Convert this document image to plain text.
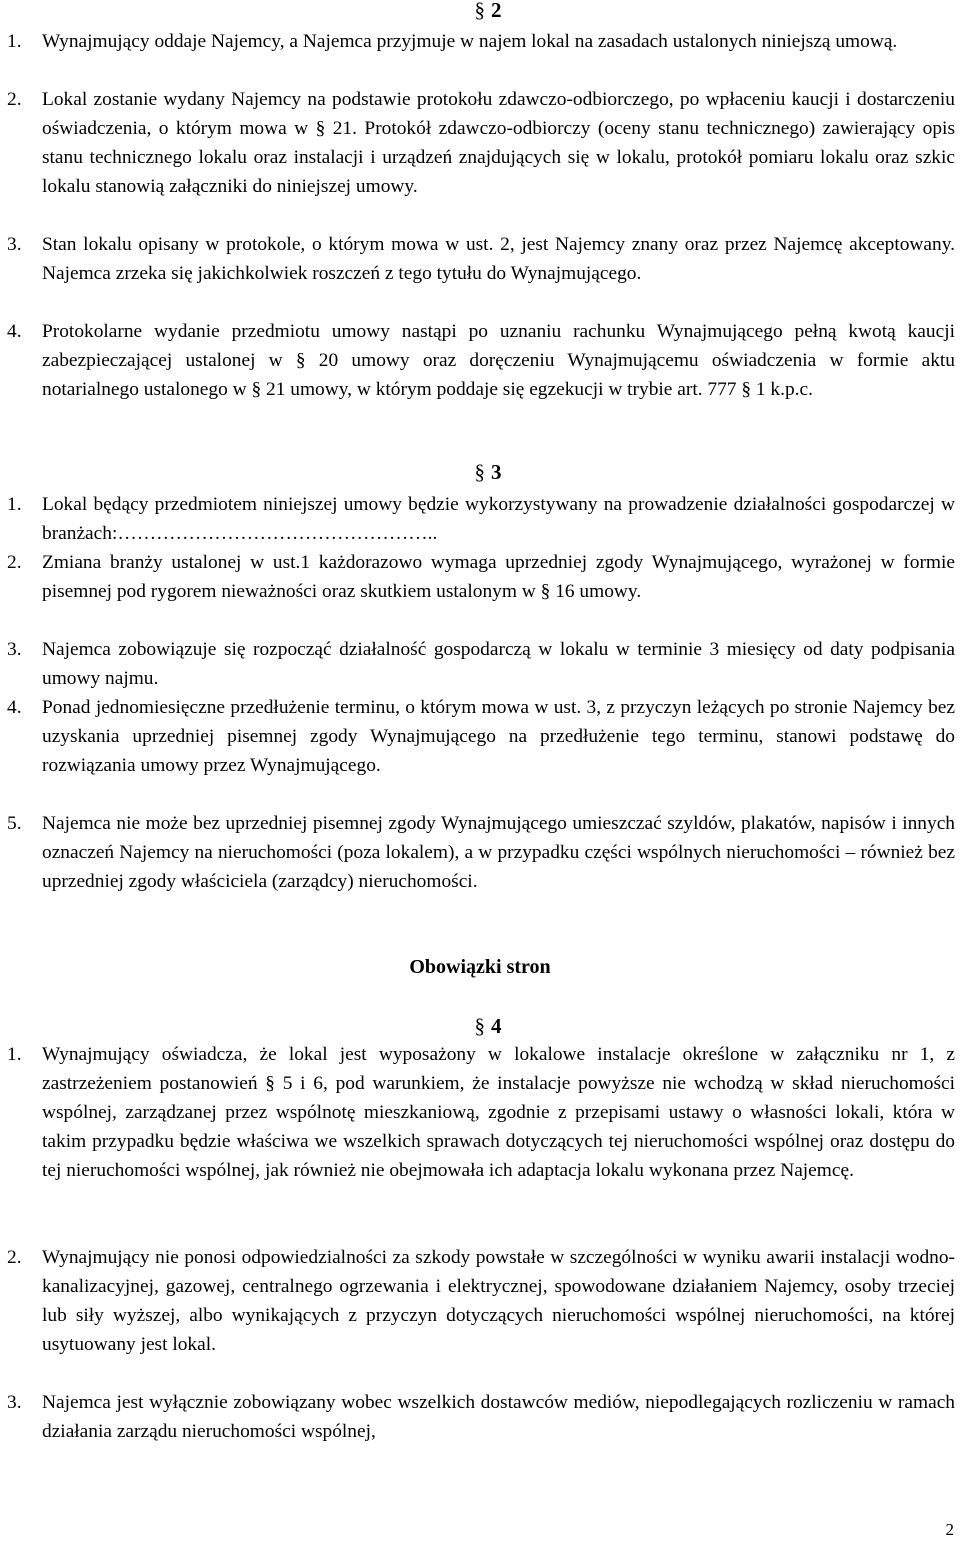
§ 2
1. Wynajmujący oddaje Najemcy, a Najemca przyjmuje w najem lokal na zasadach ustalonych niniejszą umową.
2. Lokal zostanie wydany Najemcy na podstawie protokołu zdawczo-odbiorczego, po wpłaceniu kaucji i dostarczeniu oświadczenia, o którym mowa w § 21. Protokół zdawczo-odbiorczy (oceny stanu technicznego) zawierający opis stanu technicznego lokalu oraz instalacji i urządzeń znajdujących się w lokalu, protokół pomiaru lokalu oraz szkic lokalu stanowią załączniki do niniejszej umowy.
3. Stan lokalu opisany w protokole, o którym mowa w ust. 2, jest Najemcy znany oraz przez Najemcę akceptowany. Najemca zrzeka się jakichkolwiek roszczeń z tego tytułu do Wynajmującego.
4. Protokolarne wydanie przedmiotu umowy nastąpi po uznaniu rachunku Wynajmującego pełną kwotą kaucji zabezpieczającej ustalonej w § 20 umowy oraz doręczeniu Wynajmującemu oświadczenia w formie aktu notarialnego ustalonego w § 21 umowy, w którym poddaje się egzekucji w trybie art. 777 § 1 k.p.c.
§ 3
1. Lokal będący przedmiotem niniejszej umowy będzie wykorzystywany na prowadzenie działalności gospodarczej w branżach:…………………………………………..
2. Zmiana branży ustalonej w ust.1 każdorazowo wymaga uprzedniej zgody Wynajmującego, wyrażonej w formie pisemnej pod rygorem nieważności oraz skutkiem ustalonym w § 16 umowy.
3. Najemca zobowiązuje się rozpocząć działalność gospodarczą w lokalu w terminie 3 miesięcy od daty podpisania umowy najmu.
4. Ponad jednomiesięczne przedłużenie terminu, o którym mowa w ust. 3, z przyczyn leżących po stronie Najemcy bez uzyskania uprzedniej pisemnej zgody Wynajmującego na przedłużenie tego terminu, stanowi podstawę do rozwiązania umowy przez Wynajmującego.
5. Najemca nie może bez uprzedniej pisemnej zgody Wynajmującego umieszczać szyldów, plakatów, napisów i innych oznaczeń Najemcy na nieruchomości (poza lokalem), a w przypadku części wspólnych nieruchomości – również bez uprzedniej zgody właściciela (zarządcy) nieruchomości.
Obowiązki stron
§ 4
1. Wynajmujący oświadcza, że lokal jest wyposażony w lokalowe instalacje określone w załączniku nr 1, z zastrzeżeniem postanowień § 5 i 6, pod warunkiem, że instalacje powyższe nie wchodzą w skład nieruchomości wspólnej, zarządzanej przez wspólnotę mieszkaniową, zgodnie z przepisami ustawy o własności lokali, która w takim przypadku będzie właściwa we wszelkich sprawach dotyczących tej nieruchomości wspólnej oraz dostępu do tej nieruchomości wspólnej, jak również nie obejmowała ich adaptacja lokalu wykonana przez Najemcę.
2. Wynajmujący nie ponosi odpowiedzialności za szkody powstałe w szczególności w wyniku awarii instalacji wodno-kanalizacyjnej, gazowej, centralnego ogrzewania i elektrycznej, spowodowane działaniem Najemcy, osoby trzeciej lub siły wyższej, albo wynikających z przyczyn dotyczących nieruchomości wspólnej nieruchomości, na której usytuowany jest lokal.
3. Najemca jest wyłącznie zobowiązany wobec wszelkich dostawców mediów, niepodlegających rozliczeniu w ramach działania zarządu nieruchomości wspólnej,
2
